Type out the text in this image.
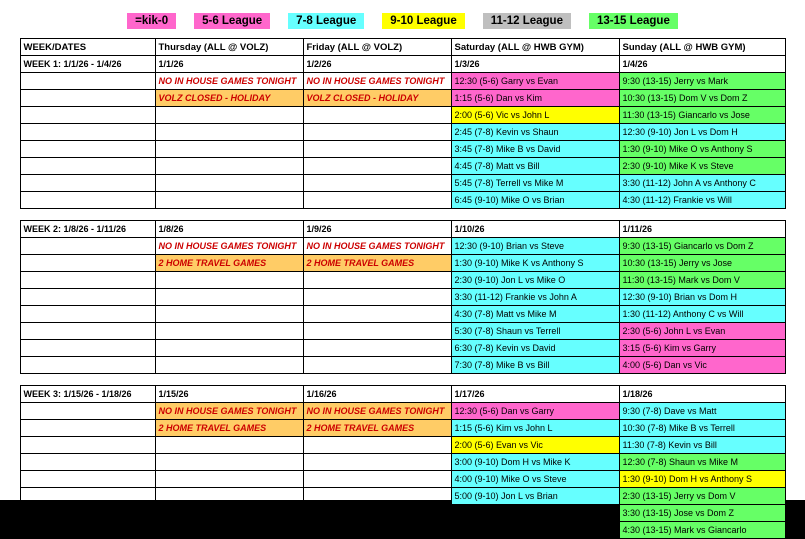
=kik-0	5-6 League	7-8 League	9-10 League	11-12 League	13-15 League
WEEK/DATES	Thursday (ALL @ VOLZ)	Friday (ALL @ VOLZ)	Saturday (ALL @ HWB GYM)	Sunday (ALL @ HWB GYM)
WEEK 1: 1/1/26 - 1/4/26	1/1/26	1/2/26	1/3/26	1/4/26
	NO IN HOUSE GAMES TONIGHT	NO IN HOUSE GAMES TONIGHT	12:30 (5-6) Garry vs Evan	9:30 (13-15) Jerry vs Mark
	VOLZ CLOSED - HOLIDAY	VOLZ CLOSED - HOLIDAY	1:15 (5-6) Dan vs Kim	10:30 (13-15) Dom V vs Dom Z
			2:00 (5-6) Vic vs John L	11:30 (13-15) Giancarlo vs Jose
			2:45 (7-8) Kevin vs Shaun	12:30 (9-10) Jon L vs Dom H
			3:45 (7-8) Mike B vs David	1:30 (9-10) Mike O vs Anthony S
			4:45 (7-8) Matt vs Bill	2:30 (9-10) Mike K vs Steve
			5:45 (7-8) Terrell vs Mike M	3:30 (11-12) John A vs Anthony C
			6:45 (9-10) Mike O vs Brian	4:30 (11-12) Frankie vs Will

WEEK 2: 1/8/26 - 1/11/26	1/8/26	1/9/26	1/10/26	1/11/26
	NO IN HOUSE GAMES TONIGHT	NO IN HOUSE GAMES TONIGHT	12:30 (9-10) Brian vs Steve	9:30 (13-15) Giancarlo vs Dom Z
	2 HOME TRAVEL GAMES	2 HOME TRAVEL GAMES	1:30 (9-10) Mike K vs Anthony S	10:30 (13-15) Jerry vs Jose
			2:30 (9-10) Jon L vs Mike O	11:30 (13-15) Mark vs Dom V
			3:30 (11-12) Frankie vs John A	12:30 (9-10) Brian vs Dom H
			4:30 (7-8) Matt vs Mike M	1:30 (11-12) Anthony C vs Will
			5:30 (7-8) Shaun vs Terrell	2:30 (5-6) John L vs Evan
			6:30 (7-8) Kevin vs David	3:15 (5-6) Kim vs Garry
			7:30 (7-8) Mike B vs Bill	4:00 (5-6) Dan vs Vic

WEEK 3: 1/15/26 - 1/18/26	1/15/26	1/16/26	1/17/26	1/18/26
	NO IN HOUSE GAMES TONIGHT	NO IN HOUSE GAMES TONIGHT	12:30 (5-6) Dan vs Garry	9:30 (7-8) Dave vs Matt
	2 HOME TRAVEL GAMES	2 HOME TRAVEL GAMES	1:15 (5-6) Kim vs John L	10:30 (7-8) Mike B vs Terrell
			2:00 (5-6) Evan vs Vic	11:30 (7-8) Kevin vs Bill
			3:00 (9-10) Dom H vs Mike K	12:30 (7-8) Shaun vs Mike M
			4:00 (9-10) Mike O vs Steve	1:30 (9-10) Dom H vs Anthony S
			5:00 (9-10) Jon L vs Brian	2:30 (13-15) Jerry vs Dom V
			6:00 (11-12) Frankie vs Anthony C	3:30 (13-15) Jose vs Dom Z
			7:00 (11-12) John A vs Will	4:30 (13-15) Mark vs Giancarlo
